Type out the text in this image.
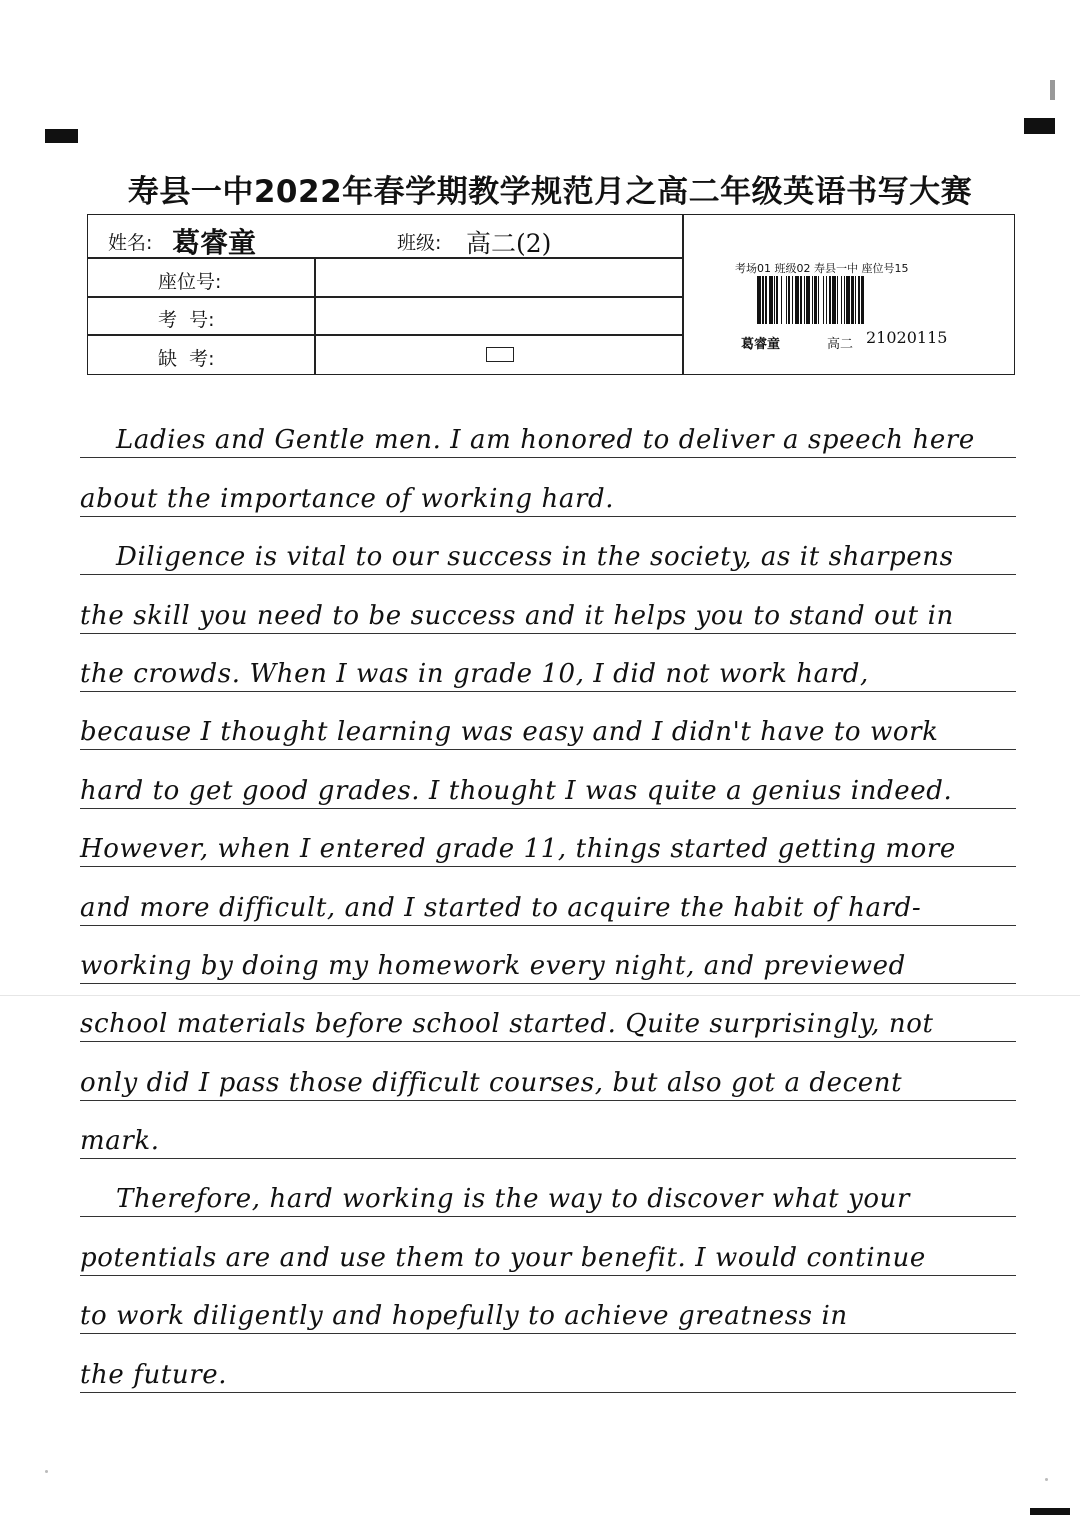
寿县一中2022年春学期教学规范月之高二年级英语书写大赛
姓名: 葛睿童	班级: 高二(2)
座位号:
考  号:
缺  考:
考场01 班级02 寿县一中 座位号15
葛睿童	高二 21020115
Ladies and Gentle men. I am honored to deliver a speech here
about the importance of working hard.
Diligence is vital to our success in the society, as it sharpens
the skill you need to be success and it helps you to stand out in
the crowds. When I was in grade 10, I did not work hard,
because I thought learning was easy and I didn't have to work
hard to get good grades. I thought I was quite a genius indeed.
However, when I entered grade 11, things started getting more
and more difficult, and I started to acquire the habit of hard-
working by doing my homework every night, and previewed
school materials before school started. Quite surprisingly, not
only did I pass those difficult courses, but also got a decent
mark.
Therefore, hard working is the way to discover what your
potentials are and use them to your benefit. I would continue
to work diligently and hopefully to achieve greatness in
the future.
